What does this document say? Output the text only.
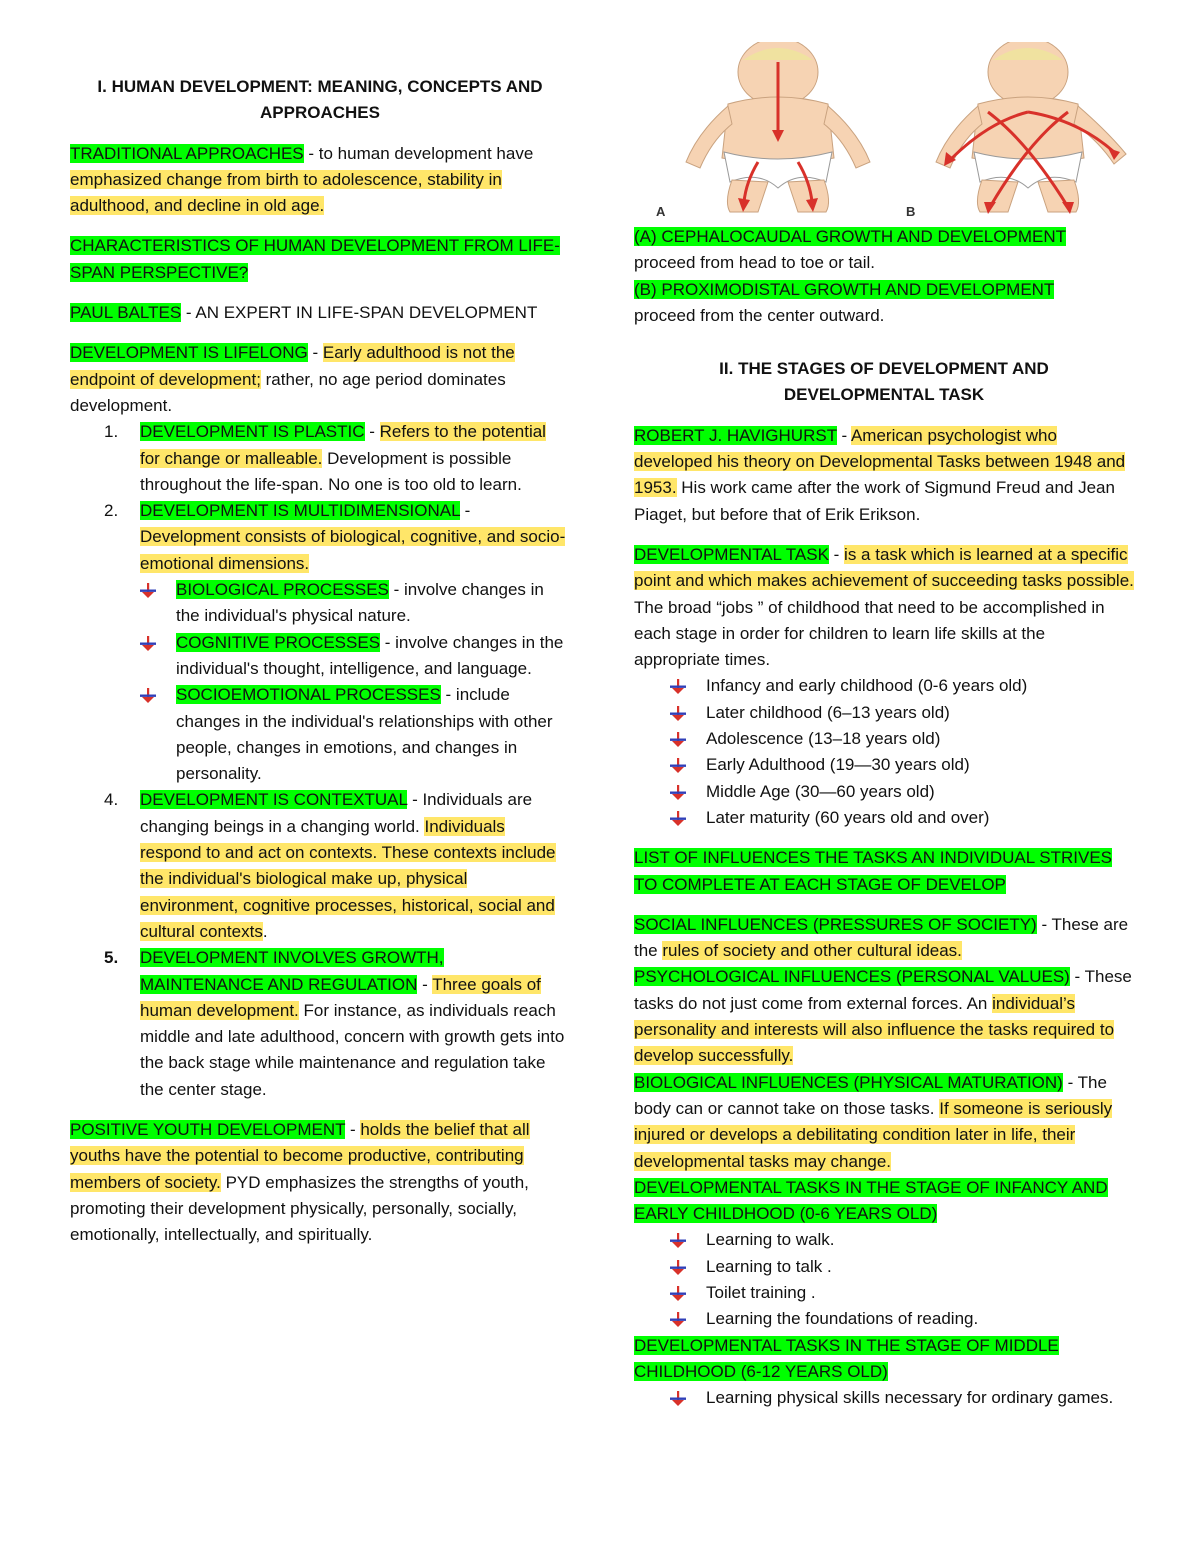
I. HUMAN DEVELOPMENT: MEANING, CONCEPTS AND
APPROACHES

TRADITIONAL APPROACHES - to human development have emphasized change from birth to adolescence, stability in adulthood, and decline in old age.

CHARACTERISTICS OF HUMAN DEVELOPMENT FROM LIFE-SPAN PERSPECTIVE?

PAUL BALTES - AN EXPERT IN LIFE-SPAN DEVELOPMENT

DEVELOPMENT IS LIFELONG - Early adulthood is not the endpoint of development; rather, no age period dominates development.

1. DEVELOPMENT IS PLASTIC - Refers to the potential for change or malleable. Development is possible throughout the life-span. No one is too old to learn.
2. DEVELOPMENT IS MULTIDIMENSIONAL - Development consists of biological, cognitive, and socio-emotional dimensions.
BIOLOGICAL PROCESSES - involve changes in the individual's physical nature.
COGNITIVE PROCESSES - involve changes in the individual's thought, intelligence, and language.
SOCIOEMOTIONAL PROCESSES - include changes in the individual's relationships with other people, changes in emotions, and changes in personality.
4. DEVELOPMENT IS CONTEXTUAL - Individuals are changing beings in a changing world. Individuals respond to and act on contexts. These contexts include the individual's biological make up, physical environment, cognitive processes, historical, social and cultural contexts.
5. DEVELOPMENT INVOLVES GROWTH, MAINTENANCE AND REGULATION - Three goals of human development. For instance, as individuals reach middle and late adulthood, concern with growth gets into the back stage while maintenance and regulation take the center stage.

POSITIVE YOUTH DEVELOPMENT - holds the belief that all youths have the potential to become productive, contributing members of society. PYD emphasizes the strengths of youth, promoting their development physically, personally, socially, emotionally, intellectually, and spiritually.

A	B

(A) CEPHALOCAUDAL GROWTH AND DEVELOPMENT
proceed from head to toe or tail.

(B) PROXIMODISTAL GROWTH AND DEVELOPMENT
proceed from the center outward.

II. THE STAGES OF DEVELOPMENT AND
DEVELOPMENTAL TASK

ROBERT J. HAVIGHURST - American psychologist who developed his theory on Developmental Tasks between 1948 and 1953. His work came after the work of Sigmund Freud and Jean Piaget, but before that of Erik Erikson.

DEVELOPMENTAL TASK - is a task which is learned at a specific point and which makes achievement of succeeding tasks possible. The broad “jobs ” of childhood that need to be accomplished in each stage in order for children to learn life skills at the appropriate times.

Infancy and early childhood (0-6 years old)
Later childhood (6–13 years old)
Adolescence (13–18 years old)
Early Adulthood (19—30 years old)
Middle Age (30—60 years old)
Later maturity (60 years old and over)

LIST OF INFLUENCES THE TASKS AN INDIVIDUAL STRIVES TO COMPLETE AT EACH STAGE OF DEVELOP

SOCIAL INFLUENCES (PRESSURES OF SOCIETY) - These are the rules of society and other cultural ideas.

PSYCHOLOGICAL INFLUENCES (PERSONAL VALUES) - These tasks do not just come from external forces. An individual’s personality and interests will also influence the tasks required to develop successfully.

BIOLOGICAL INFLUENCES (PHYSICAL MATURATION) - The body can or cannot take on those tasks. If someone is seriously injured or develops a debilitating condition later in life, their developmental tasks may change.

DEVELOPMENTAL TASKS IN THE STAGE OF INFANCY AND EARLY CHILDHOOD (0-6 YEARS OLD)

Learning to walk.
Learning to talk .
Toilet training .
Learning the foundations of reading.

DEVELOPMENTAL TASKS IN THE STAGE OF MIDDLE CHILDHOOD (6-12 YEARS OLD)

Learning physical skills necessary for ordinary games.
